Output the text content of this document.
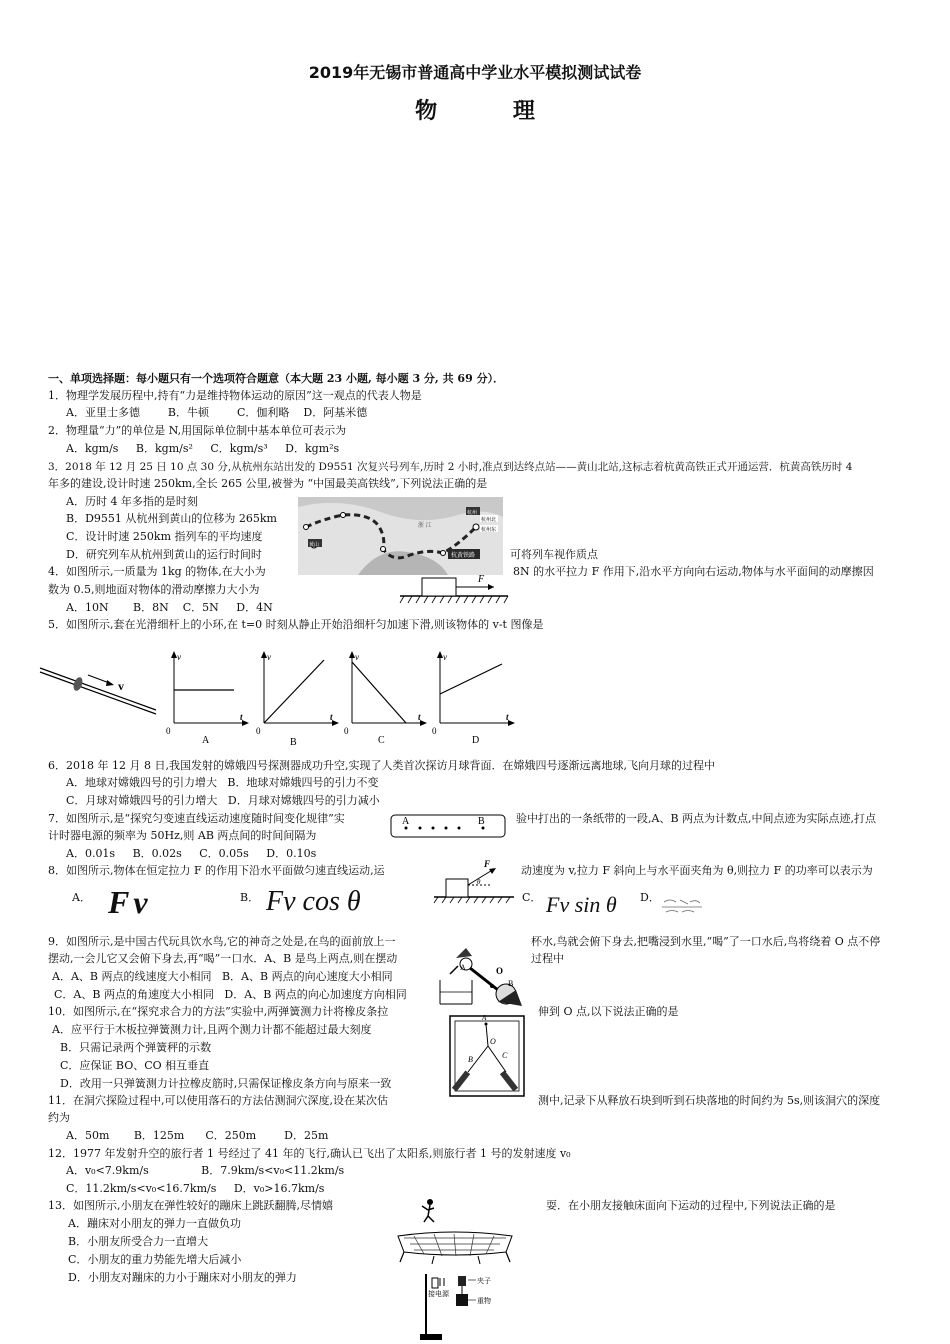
2019年无锡市普通高中学业水平模拟测试试卷
物 理
一、单项选择题：每小题只有一个选项符合题意（本大题 23 小题, 每小题 3 分, 共 69 分）．
1．物理学发展历程中,持有“力是维持物体运动的原因”这一观点的代表人物是
A．亚里士多德        B．牛顿        C．伽利略    D．阿基米德
2．物理量“力”的单位是 N,用国际单位制中基本单位可表示为
A．kgm/s     B．kgm/s²     C．kgm/s³     D．kgm²s
3．2018 年 12 月 25 日 10 点 30 分,从杭州东站出发的 D9551 次复兴号列车,历时 2 小时,准点到达终点站——黄山北站,这标志着杭黄高铁正式开通运营．杭黄高铁历时 4
年多的建设,设计时速 250km,全长 265 公里,被誉为 “中国最美高铁线”,下列说法正确的是
A．历时 4 年多指的是时刻
B．D9551 从杭州到黄山的位移为 265km
C．设计时速 250km 指列车的平均速度
D．研究列车从杭州到黄山的运行时间时	可将列车视作质点
黄山
杭州
杭州北
杭州东
杭黄铁路
浙 江
4．如图所示,一质量为 1kg 的物体,在大小为	8N 的水平拉力 F 作用下,沿水平方向向右运动,物体与水平面间的动摩擦因
数为 0.5,则地面对物体的滑动摩擦力大小为
A．10N       B．8N    C．5N     D．4N
F
5．如图所示,套在光滑细杆上的小环,在 t=0 时刻从静止开始沿细杆匀加速下滑,则该物体的 v-t 图像是
v
v
t
0
A
v
t
0
B
v
t
0
C
v
t
0
D
6．2018 年 12 月 8 日,我国发射的嫦娥四号探测器成功升空,实现了人类首次探访月球背面．在嫦娥四号逐渐远离地球,飞向月球的过程中
A．地球对嫦娥四号的引力增大   B．地球对嫦娥四号的引力不变
C．月球对嫦娥四号的引力增大   D．月球对嫦娥四号的引力减小
7．如图所示,是“探究匀变速直线运动速度随时间变化规律”实	验中打出的一条纸带的一段,A、B 两点为计数点,中间点迹为实际点迹,打点
计时器电源的频率为 50Hz,则 AB 两点间的时间间隔为
A．0.01s     B．0.02s     C．0.05s     D．0.10s
A	B
8．如图所示,物体在恒定拉力 F 的作用下沿水平面做匀速直线运动,运	动速度为 v,拉力 F 斜向上与水平面夹角为 θ,则拉力 F 的功率可以表示为
F
θ
A． Fv	B． Fv cos θ	C． Fv sin θ D．
9．如图所示,是中国古代玩具饮水鸟,它的神奇之处是,在鸟的面前放上一	杯水,鸟就会俯下身去,把嘴浸到水里,“喝”了一口水后,鸟将绕着 O 点不停
摆动,一会儿它又会俯下身去,再“喝”一口水．A、B 是鸟上两点,则在摆动	过程中
A．A、B 两点的线速度大小相同   B．A、B 两点的向心速度大小相同
C．A、B 两点的角速度大小相同   D．A、B 两点的向心加速度方向相同
A	O
B
10．如图所示,在“探究求合力的方法”实验中,两弹簧测力计将橡皮条拉	伸到 O 点,以下说法正确的是
A．应平行于木板拉弹簧测力计,且两个测力计都不能超过最大刻度
B．只需记录两个弹簧秤的示数
C．应保证 BO、CO 相互垂直
D．改用一只弹簧测力计拉橡皮筋时,只需保证橡皮条方向与原来一致
A
O
B	C
11．在洞穴探险过程中,可以使用落石的方法估测洞穴深度,设在某次估	测中,记录下从释放石块到听到石块落地的时间约为 5s,则该洞穴的深度
约为
A．50m       B．125m      C．250m        D．25m
12．1977 年发射升空的旅行者 1 号经过了 41 年的飞行,确认已飞出了太阳系,则旅行者 1 号的发射速度 v₀
A．v₀<7.9km/s               B．7.9km/s<v₀<11.2km/s
C．11.2km/s<v₀<16.7km/s     D．v₀>16.7km/s
13．如图所示,小朋友在弹性较好的蹦床上跳跃翻腾,尽情嬉	耍．在小朋友接触床面向下运动的过程中,下列说法正确的是
A．蹦床对小朋友的弹力一直做负功
B．小朋友所受合力一直增大
C．小朋友的重力势能先增大后减小
D．小朋友对蹦床的力小于蹦床对小朋友的弹力	夹子
接电源
重物
